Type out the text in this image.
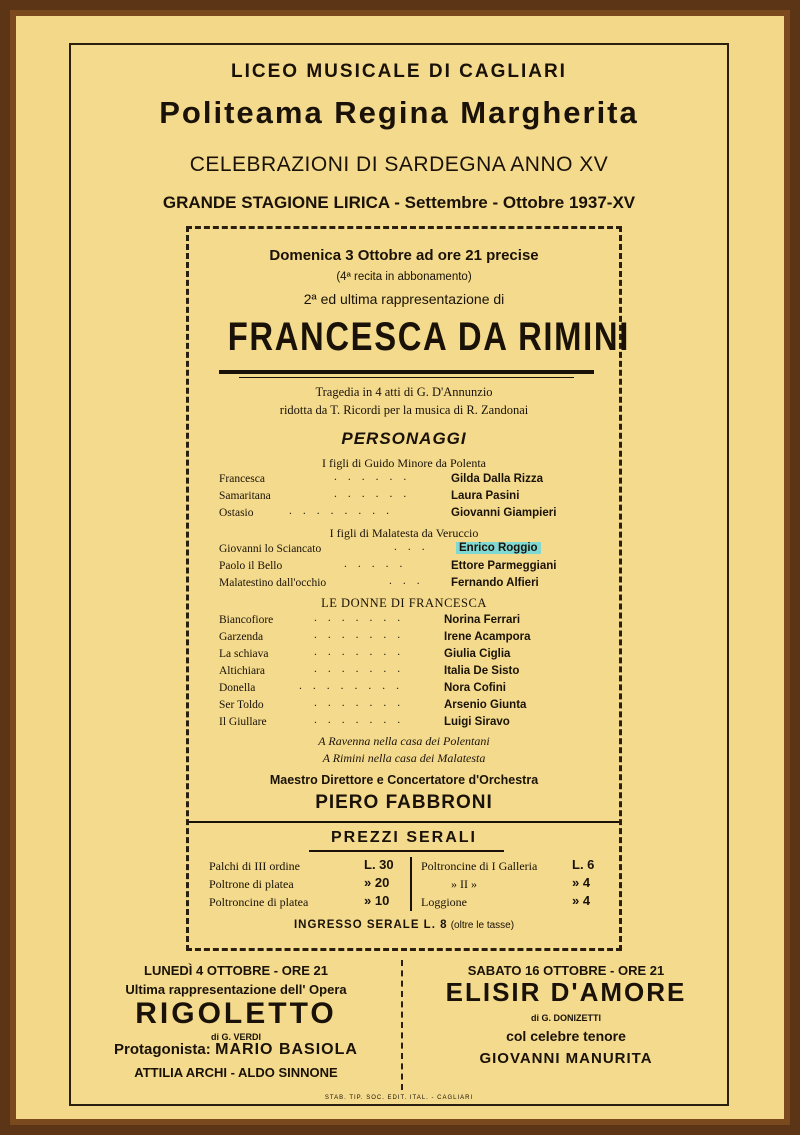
LICEO MUSICALE DI CAGLIARI
Politeama Regina Margherita
CELEBRAZIONI DI SARDEGNA ANNO XV
GRANDE STAGIONE LIRICA - Settembre - Ottobre 1937-XV
Domenica 3 Ottobre ad ore 21 precise
(4ª recita in abbonamento)
2ª ed ultima rappresentazione di
FRANCESCA DA RIMINI
Tragedia in 4 atti di G. D'Annunzio
ridotta da T. Ricordi per la musica di R. Zandonai
PERSONAGGI
I figli di Guido Minore da Polenta
Francesca	......	Gilda Dalla Rizza
Samaritana	......	Laura Pasini
Ostasio	........	Giovanni Giampieri
I figli di Malatesta da Veruccio
Giovanni lo Sciancato	... Enrico Roggio
Paolo il Bello	.....	Ettore Parmeggiani
Malatestino dall'occhio	... Fernando Alfieri
LE DONNE DI FRANCESCA
Biancofiore	.......	Norina Ferrari
Garzenda	.......	Irene Acampora
La schiava	.......	Giulia Ciglia
Altichiara	.......	Italia De Sisto
Donella	........	Nora Cofini
Ser Toldo	.......	Arsenio Giunta
Il Giullare	.......	Luigi Siravo
A Ravenna nella casa dei Polentani
A Rimini nella casa dei Malatesta
Maestro Direttore e Concertatore d'Orchestra
PIERO FABBRONI
PREZZI SERALI
Palchi di III ordine	L. 30
Poltrone di platea	» 20
Poltroncine di platea	» 10
Poltroncine di I Galleria	L. 6
» II »	» 4
Loggione	» 4
INGRESSO SERALE L. 8 (oltre le tasse)
LUNEDÌ 4 OTTOBRE - ORE 21
Ultima rappresentazione dell' Opera
RIGOLETTO
di G. VERDI
Protagonista: MARIO BASIOLA
ATTILIA ARCHI - ALDO SINNONE
SABATO 16 OTTOBRE - ORE 21
ELISIR D'AMORE
di G. DONIZETTI
col celebre tenore
GIOVANNI MANURITA
STAB. TIP. SOC. EDIT. ITAL. - CAGLIARI
